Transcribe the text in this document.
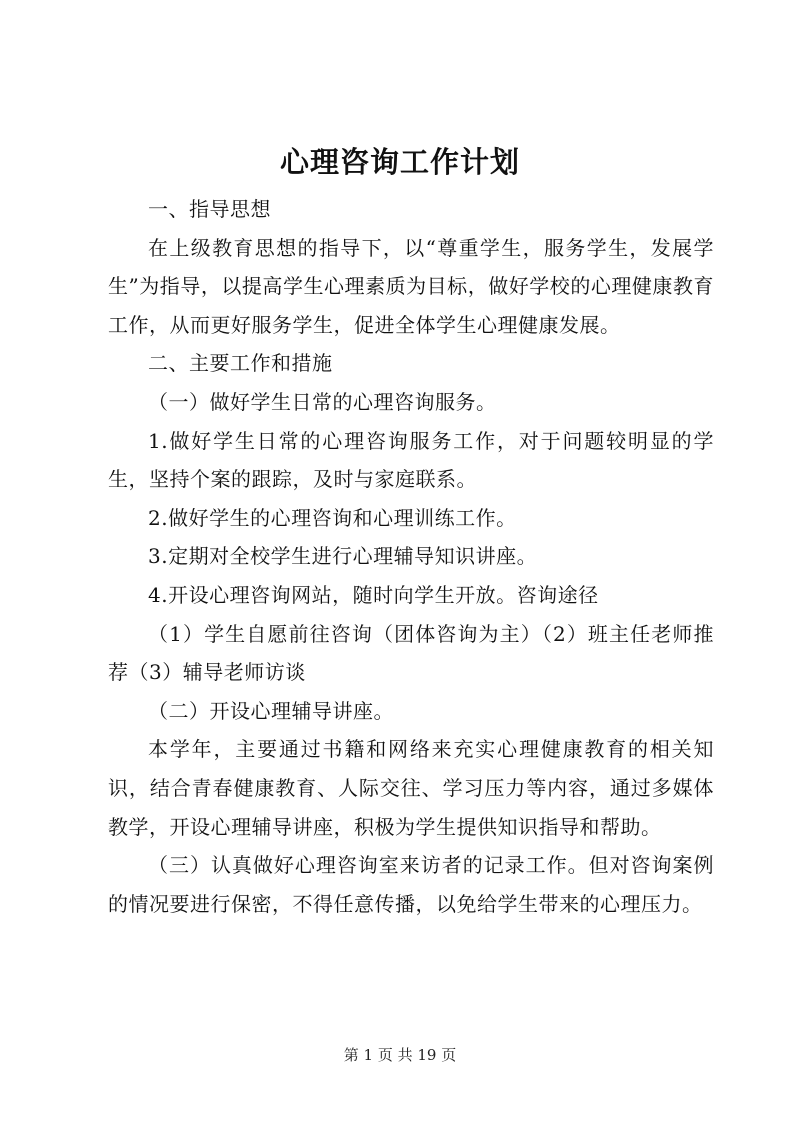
心理咨询工作计划

一、指导思想

在上级教育思想的指导下，以“尊重学生，服务学生，发展学生”为指导，以提高学生心理素质为目标，做好学校的心理健康教育工作，从而更好服务学生，促进全体学生心理健康发展。

二、主要工作和措施

（一）做好学生日常的心理咨询服务。

1.做好学生日常的心理咨询服务工作，对于问题较明显的学生，坚持个案的跟踪，及时与家庭联系。

2.做好学生的心理咨询和心理训练工作。

3.定期对全校学生进行心理辅导知识讲座。

4.开设心理咨询网站，随时向学生开放。咨询途径

（1）学生自愿前往咨询（团体咨询为主）（2）班主任老师推荐（3）辅导老师访谈

（二）开设心理辅导讲座。

本学年，主要通过书籍和网络来充实心理健康教育的相关知识，结合青春健康教育、人际交往、学习压力等内容，通过多媒体教学，开设心理辅导讲座，积极为学生提供知识指导和帮助。

（三）认真做好心理咨询室来访者的记录工作。但对咨询案例的情况要进行保密，不得任意传播，以免给学生带来的心理压力。

第 1 页 共 19 页
